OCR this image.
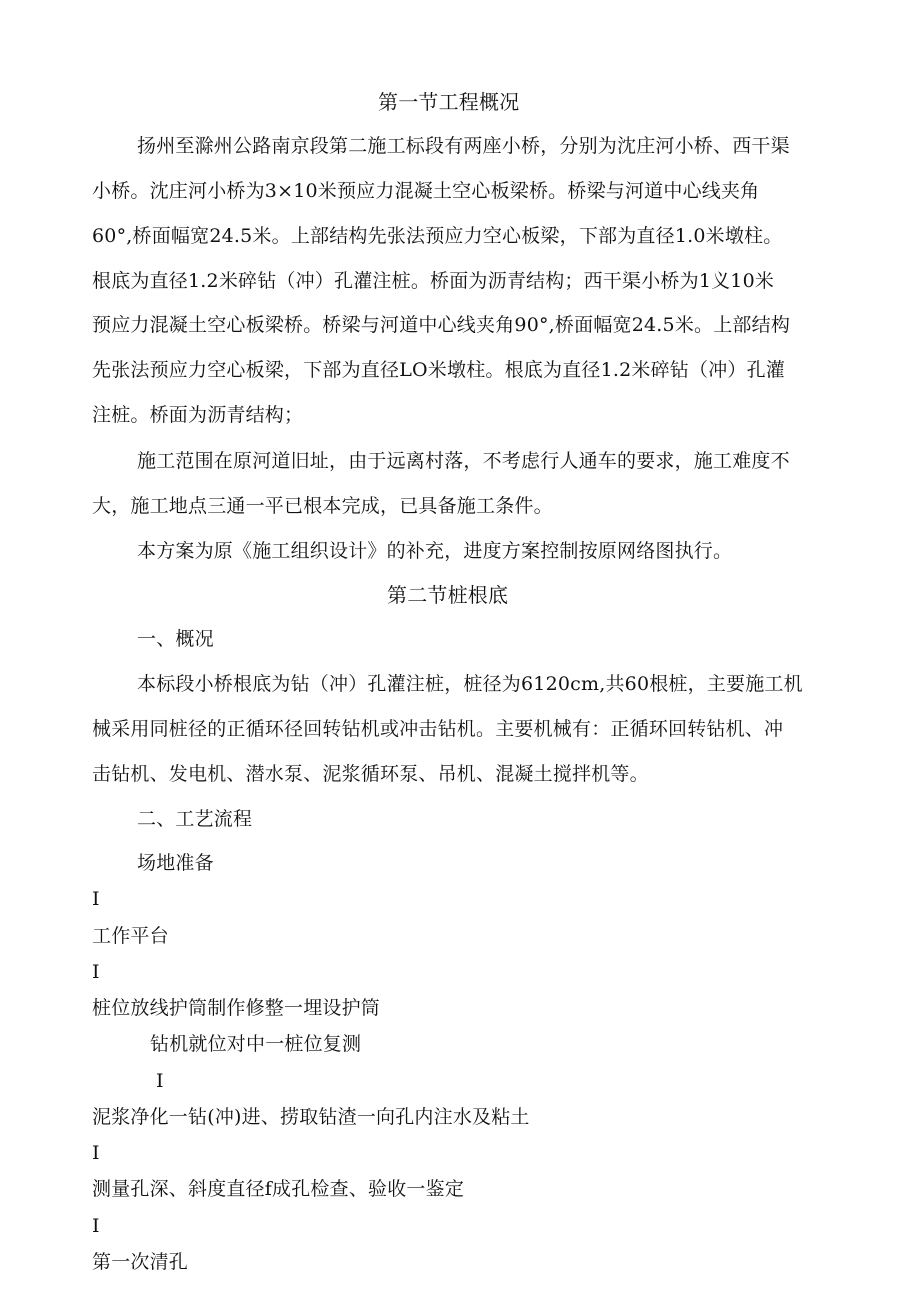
第一节工程概况
扬州至滁州公路南京段第二施工标段有两座小桥，分别为沈庄河小桥、西干渠
小桥。沈庄河小桥为3×10米预应力混凝土空心板梁桥。桥梁与河道中心线夹角
60°,桥面幅宽24.5米。上部结构先张法预应力空心板梁，下部为直径1.0米墩柱。
根底为直径1.2米碎钻（冲）孔灌注桩。桥面为沥青结构；西干渠小桥为1义10米
预应力混凝土空心板梁桥。桥梁与河道中心线夹角90°,桥面幅宽24.5米。上部结构
先张法预应力空心板梁，下部为直径LO米墩柱。根底为直径1.2米碎钻（冲）孔灌
注桩。桥面为沥青结构；
施工范围在原河道旧址，由于远离村落，不考虑行人通车的要求，施工难度不
大，施工地点三通一平已根本完成，已具备施工条件。
本方案为原《施工组织设计》的补充，进度方案控制按原网络图执行。
第二节桩根底
一、概况
本标段小桥根底为钻（冲）孔灌注桩，桩径为6120cm,共60根桩，主要施工机
械采用同桩径的正循环径回转钻机或冲击钻机。主要机械有：正循环回转钻机、冲
击钻机、发电机、潜水泵、泥浆循环泵、吊机、混凝土搅拌机等。
二、工艺流程
场地准备
I
工作平台
I
桩位放线护筒制作修整一埋设护筒
钻机就位对中一桩位复测
I
泥浆净化一钻(冲)进、捞取钻渣一向孔内注水及粘土
I
测量孔深、斜度直径f成孔检查、验收一鉴定
I
第一次清孔
